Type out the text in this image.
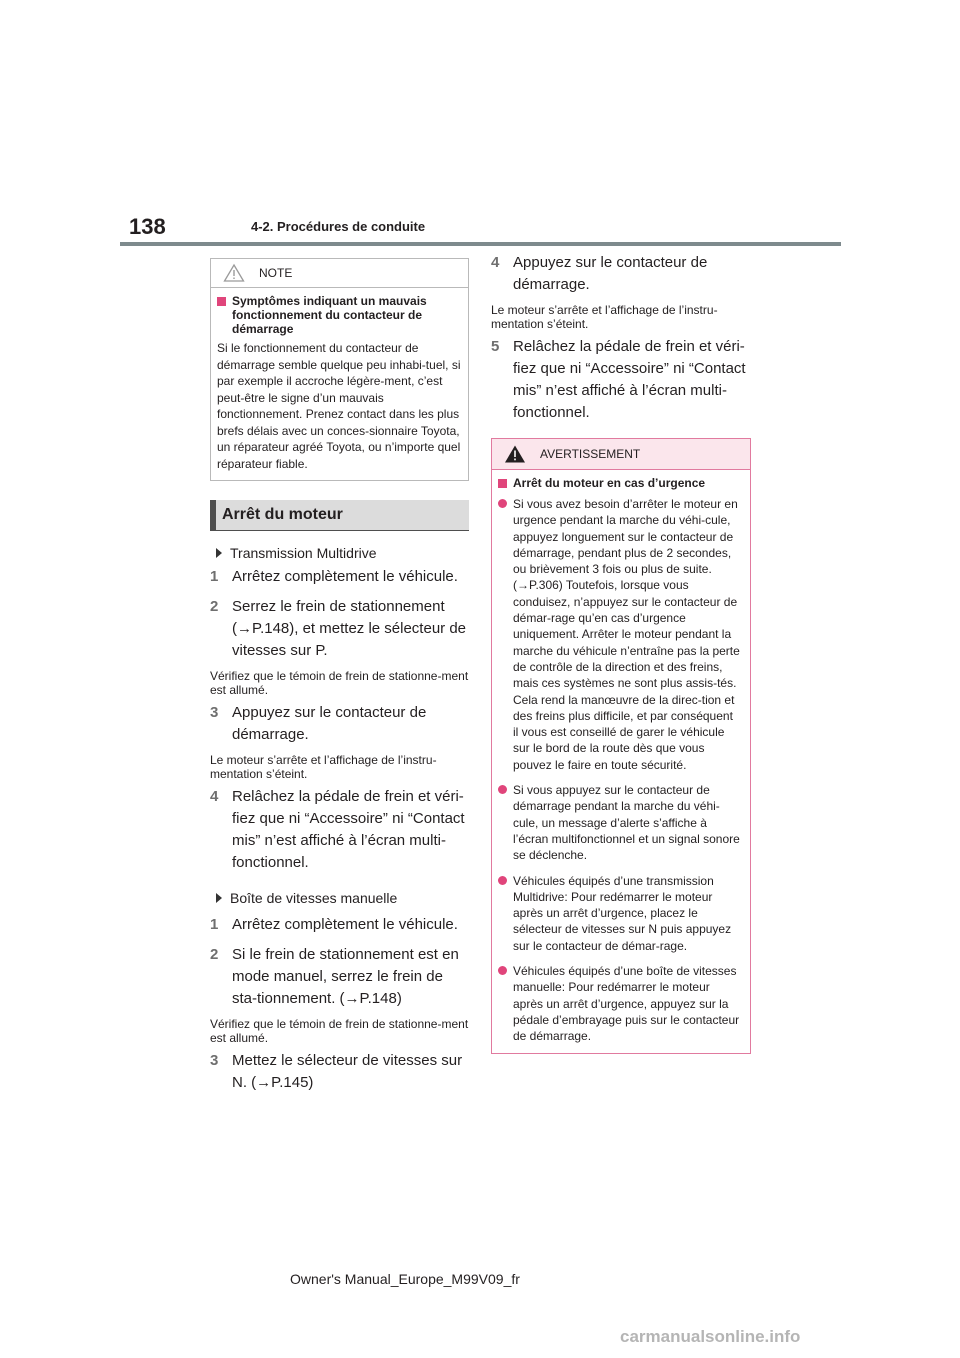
138	4-2. Procédures de conduite
NOTE
Symptômes indiquant un mauvais fonctionnement du contacteur de démarrage
Si le fonctionnement du contacteur de démarrage semble quelque peu inhabi-tuel, si par exemple il accroche légère-ment, c’est peut-être le signe d’un mauvais fonctionnement. Prenez contact dans les plus brefs délais avec un conces-sionnaire Toyota, un réparateur agréé Toyota, ou n’importe quel réparateur fiable.
Arrêt du moteur
Transmission Multidrive
1 Arrêtez complètement le véhicule.
2 Serrez le frein de stationnement (→P.148), et mettez le sélecteur de vitesses sur P.
Vérifiez que le témoin de frein de stationne-ment est allumé.
3 Appuyez sur le contacteur de démarrage.
Le moteur s’arrête et l’affichage de l’instru-mentation s’éteint.
4 Relâchez la pédale de frein et véri-fiez que ni “Accessoire” ni “Contact mis” n’est affiché à l’écran multi-fonctionnel.
Boîte de vitesses manuelle
1 Arrêtez complètement le véhicule.
2 Si le frein de stationnement est en mode manuel, serrez le frein de sta-tionnement. (→P.148)
Vérifiez que le témoin de frein de stationne-ment est allumé.
3 Mettez le sélecteur de vitesses sur N. (→P.145)
4 Appuyez sur le contacteur de démarrage.
Le moteur s’arrête et l’affichage de l’instru-mentation s’éteint.
5 Relâchez la pédale de frein et véri-fiez que ni “Accessoire” ni “Contact mis” n’est affiché à l’écran multi-fonctionnel.
AVERTISSEMENT
Arrêt du moteur en cas d’urgence
Si vous avez besoin d’arrêter le moteur en urgence pendant la marche du véhi-cule, appuyez longuement sur le contacteur de démarrage, pendant plus de 2 secondes, ou brièvement 3 fois ou plus de suite. (→P.306) Toutefois, lorsque vous conduisez, n’appuyez sur le contacteur de démar-rage qu’en cas d’urgence uniquement. Arrêter le moteur pendant la marche du véhicule n’entraîne pas la perte de contrôle de la direction et des freins, mais ces systèmes ne sont plus assis-tés. Cela rend la manœuvre de la direc-tion et des freins plus difficile, et par conséquent il vous est conseillé de garer le véhicule sur le bord de la route dès que vous pouvez le faire en toute sécurité.
Si vous appuyez sur le contacteur de démarrage pendant la marche du véhi-cule, un message d’alerte s’affiche à l’écran multifonctionnel et un signal sonore se déclenche.
Véhicules équipés d’une transmission Multidrive: Pour redémarrer le moteur après un arrêt d’urgence, placez le sélecteur de vitesses sur N puis appuyez sur le contacteur de démar-rage.
Véhicules équipés d’une boîte de vitesses manuelle: Pour redémarrer le moteur après un arrêt d’urgence, appuyez sur la pédale d’embrayage puis sur le contacteur de démarrage.
Owner's Manual_Europe_M99V09_fr
carmanualsonline.info
